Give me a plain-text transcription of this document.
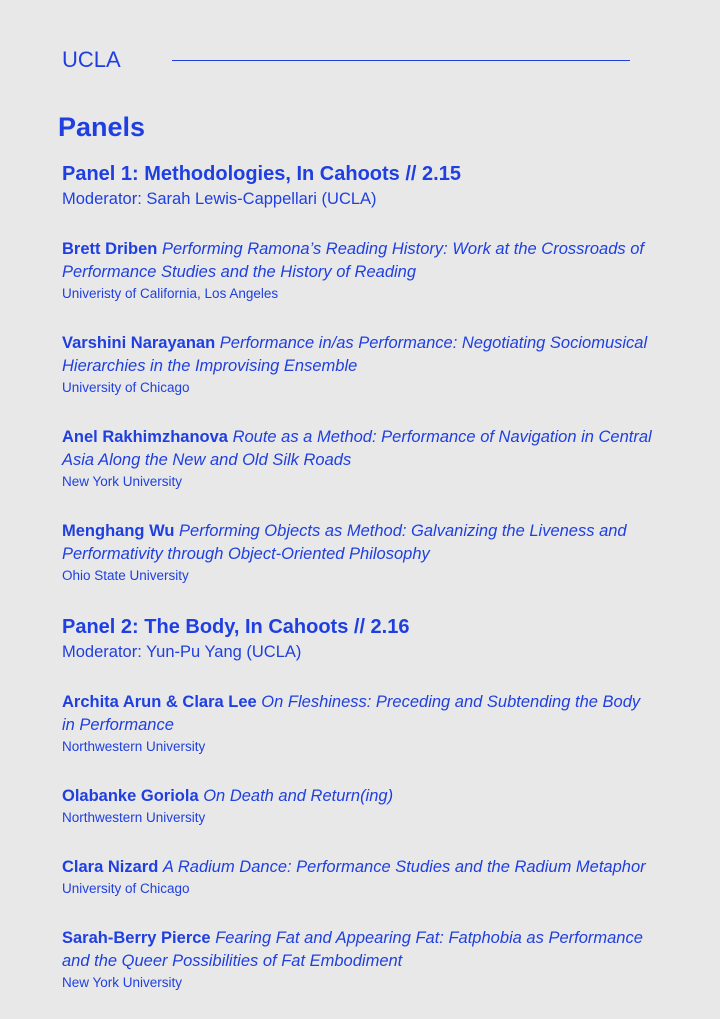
UCLA
Panels
Panel 1: Methodologies, In Cahoots // 2.15
Moderator: Sarah Lewis-Cappellari (UCLA)
Brett Driben Performing Ramona’s Reading History: Work at the Crossroads of Performance Studies and the History of Reading
Univeristy of California, Los Angeles
Varshini Narayanan Performance in/as Performance: Negotiating Sociomusical Hierarchies in the Improvising Ensemble
University of Chicago
Anel Rakhimzhanova Route as a Method: Performance of Navigation in Central Asia Along the New and Old Silk Roads
New York University
Menghang Wu Performing Objects as Method: Galvanizing the Liveness and Performativity through Object-Oriented Philosophy
Ohio State University
Panel 2: The Body, In Cahoots // 2.16
Moderator: Yun-Pu Yang (UCLA)
Archita Arun & Clara Lee On Fleshiness: Preceding and Subtending the Body in Performance
Northwestern University
Olabanke Goriola On Death and Return(ing)
Northwestern University
Clara Nizard A Radium Dance: Performance Studies and the Radium Metaphor
University of Chicago
Sarah-Berry Pierce Fearing Fat and Appearing Fat: Fatphobia as Performance and the Queer Possibilities of Fat Embodiment
New York University
